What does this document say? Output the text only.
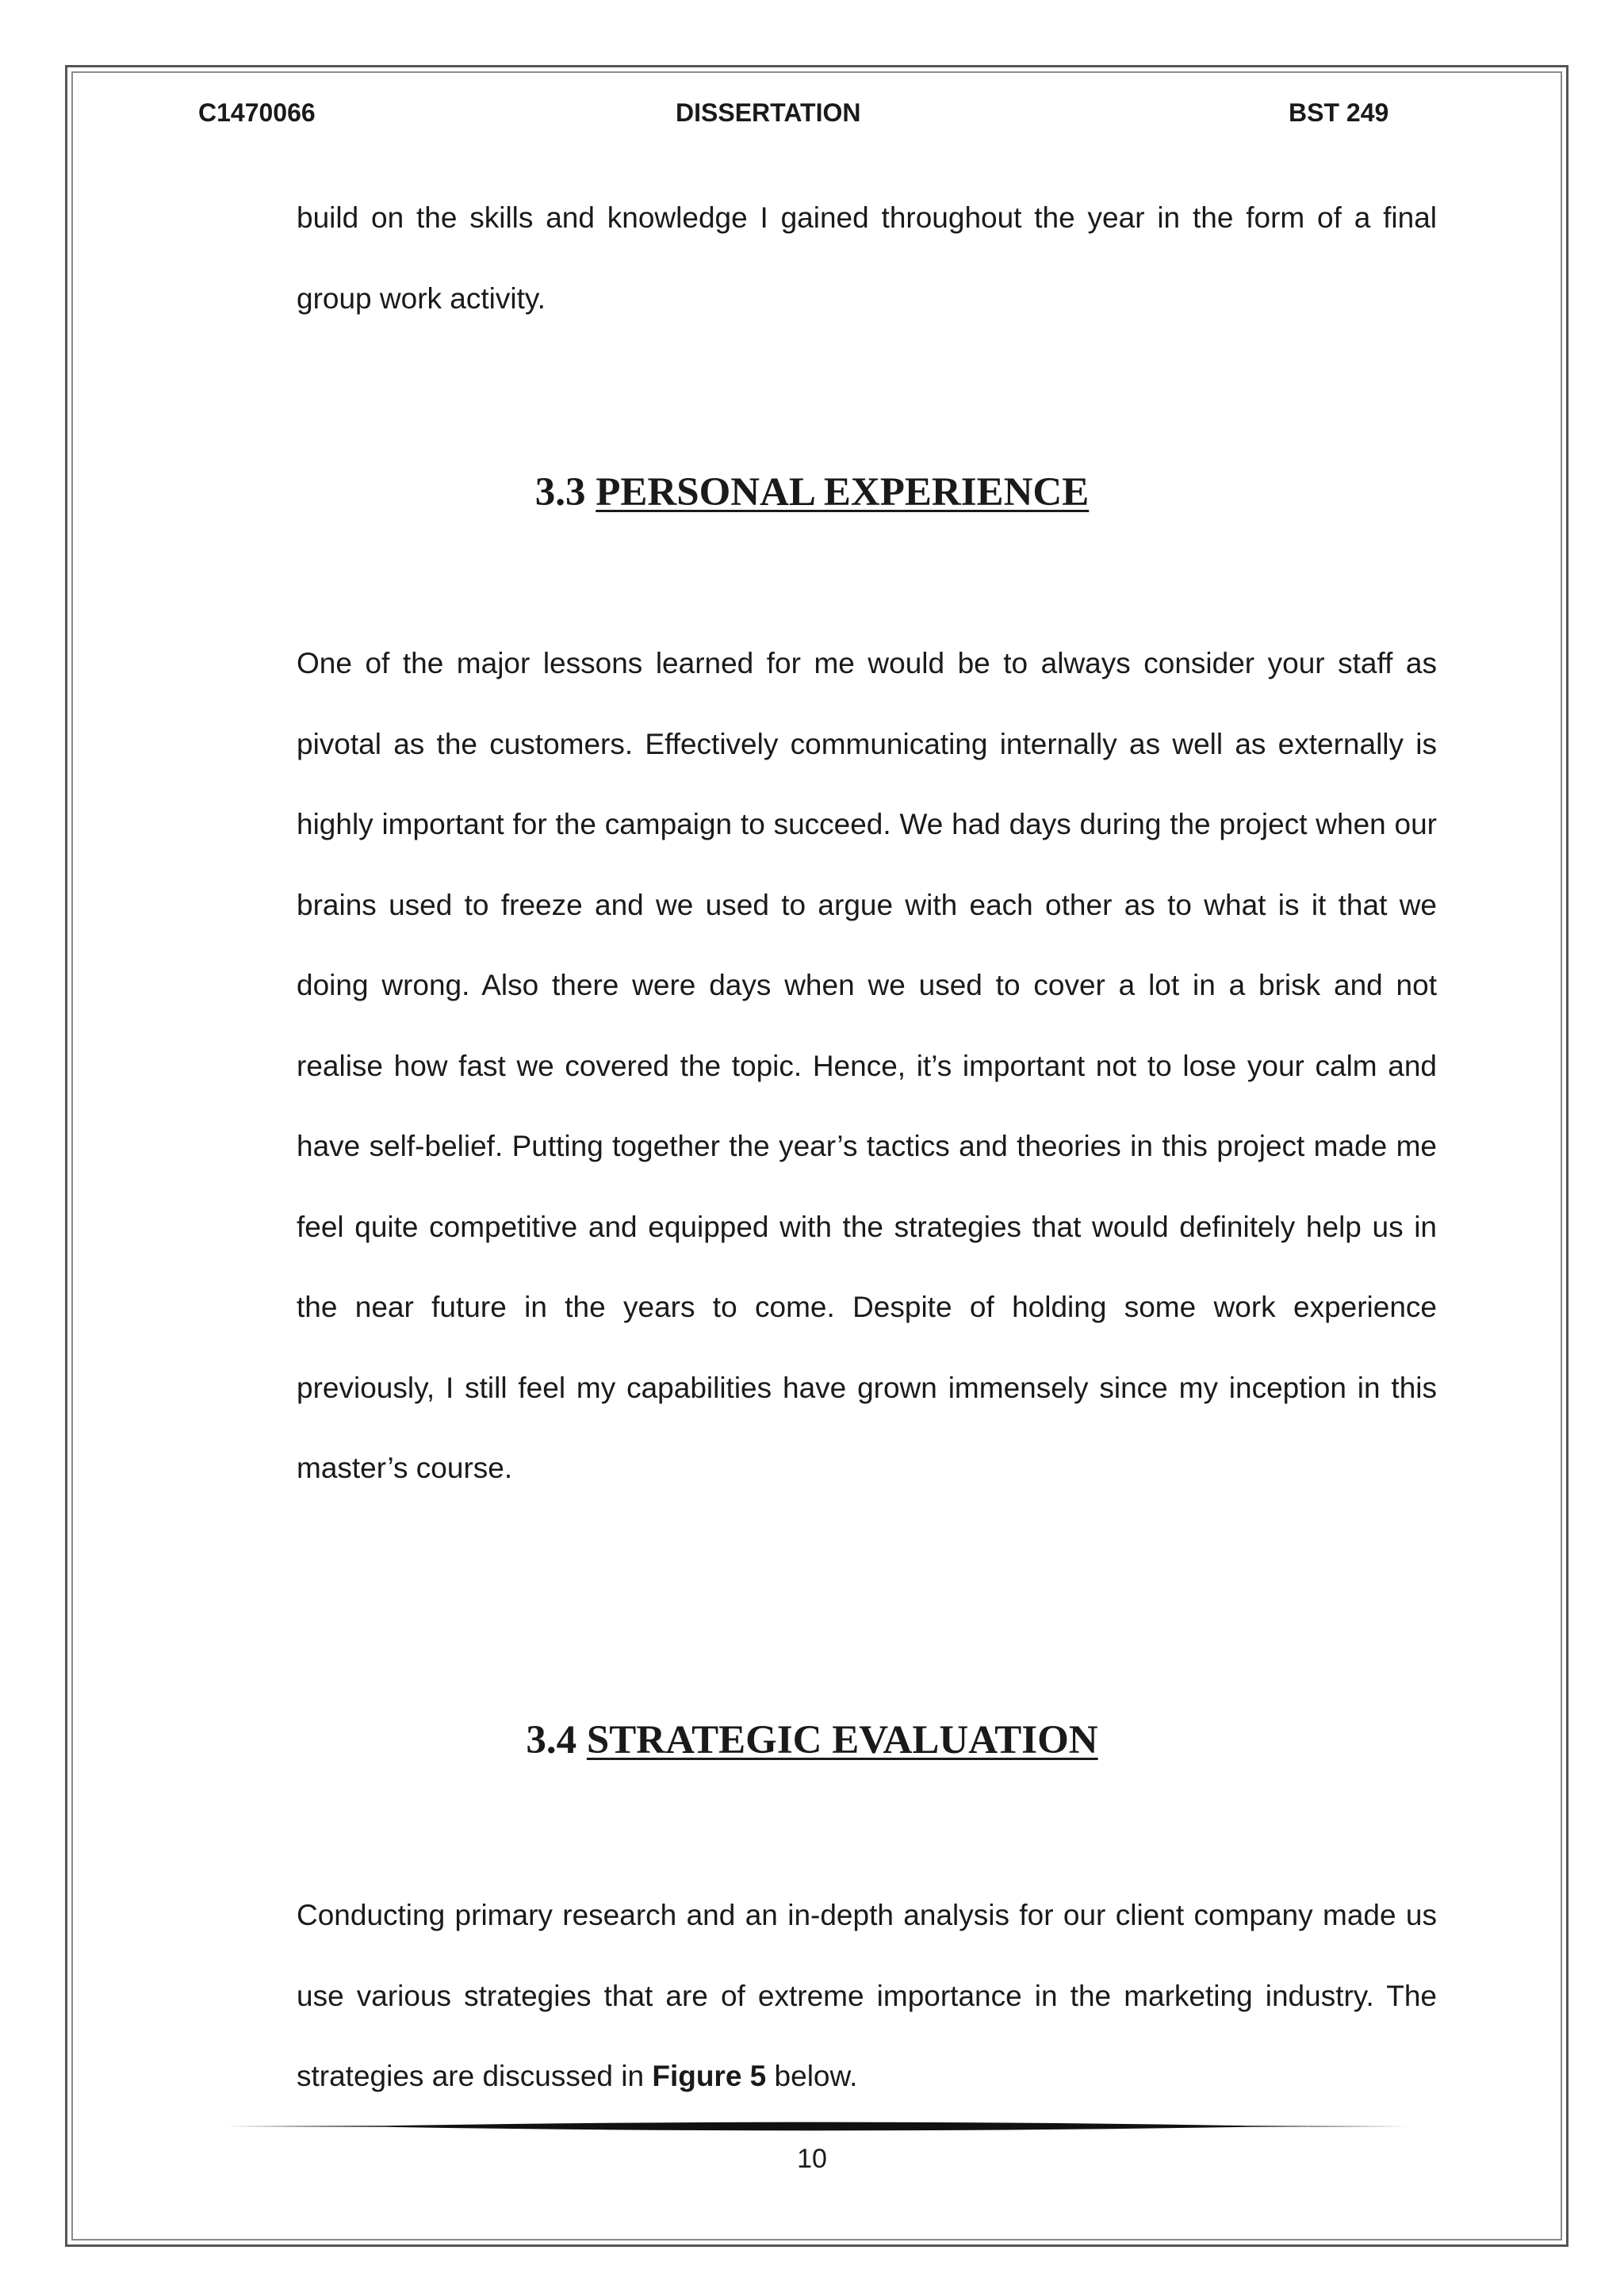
C1470066	DISSERTATION	BST 249

build on the skills and knowledge I gained throughout the year in the form of a final group work activity.

3.3 PERSONAL EXPERIENCE

One of the major lessons learned for me would be to always consider your staff as pivotal as the customers. Effectively communicating internally as well as externally is highly important for the campaign to succeed. We had days during the project when our brains used to freeze and we used to argue with each other as to what is it that we doing wrong. Also there were days when we used to cover a lot in a brisk and not realise how fast we covered the topic. Hence, it’s important not to lose your calm and have self-belief. Putting together the year’s tactics and theories in this project made me feel quite competitive and equipped with the strategies that would definitely help us in the near future in the years to come. Despite of holding some work experience previously, I still feel my capabilities have grown immensely since my inception in this master’s course.

3.4 STRATEGIC EVALUATION

Conducting primary research and an in-depth analysis for our client company made us use various strategies that are of extreme importance in the marketing industry. The strategies are discussed in Figure 5 below.

10
